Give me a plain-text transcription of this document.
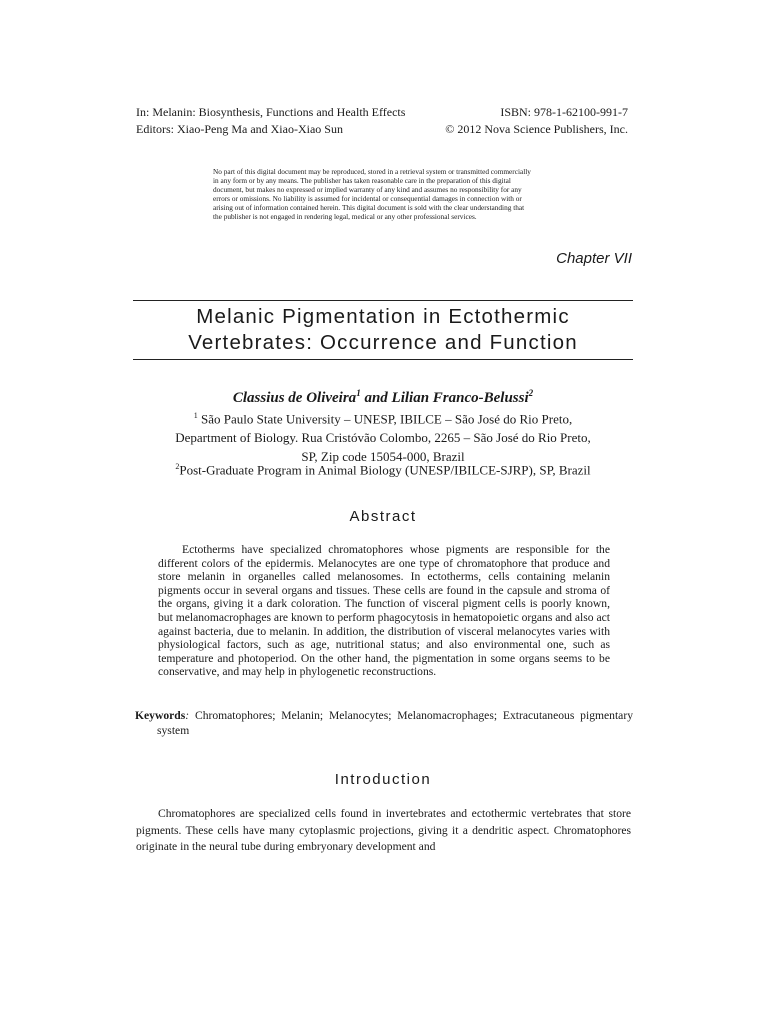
In: Melanin: Biosynthesis, Functions and Health Effects	ISBN: 978-1-62100-991-7
Editors: Xiao-Peng Ma and Xiao-Xiao Sun	© 2012 Nova Science Publishers, Inc.
No part of this digital document may be reproduced, stored in a retrieval system or transmitted commercially
in any form or by any means. The publisher has taken reasonable care in the preparation of this digital
document, but makes no expressed or implied warranty of any kind and assumes no responsibility for any
errors or omissions. No liability is assumed for incidental or consequential damages in connection with or
arising out of information contained herein. This digital document is sold with the clear understanding that
the publisher is not engaged in rendering legal, medical or any other professional services.
Chapter VII
Melanic Pigmentation in Ectothermic
Vertebrates: Occurrence and Function
Classius de Oliveira$^1$ and Lilian Franco-Belussi$^2$
$^1$ São Paulo State University – UNESP, IBILCE – São José do Rio Preto,
Department of Biology. Rua Cristóvão Colombo, 2265 – São José do Rio Preto,
SP, Zip code 15054-000, Brazil
$^2$Post-Graduate Program in Animal Biology (UNESP/IBILCE-SJRP), SP, Brazil
Abstract

Ectotherms have specialized chromatophores whose pigments are responsible for the different colors of the epidermis. Melanocytes are one type of chromatophore that produce and store melanin in organelles called melanosomes. In ectotherms, cells containing melanin pigments occur in several organs and tissues. These cells are found in the capsule and stroma of the organs, giving it a dark coloration. The function of visceral pigment cells is poorly known, but melanomacrophages are known to perform phagocytosis in hematopoietic organs and also act against bacteria, due to melanin. In addition, the distribution of visceral melanocytes varies with physiological factors, such as age, nutritional status; and also environmental one, such as temperature and photoperiod. On the other hand, the pigmentation in some organs seems to be conservative, and may help in phylogenetic reconstructions.

Keywords: Chromatophores; Melanin; Melanocytes; Melanomacrophages; Extracutaneous pigmentary system
Introduction

Chromatophores are specialized cells found in invertebrates and ectothermic vertebrates that store pigments. These cells have many cytoplasmic projections, giving it a dendritic aspect. Chromatophores originate in the neural tube during embryonary development and
